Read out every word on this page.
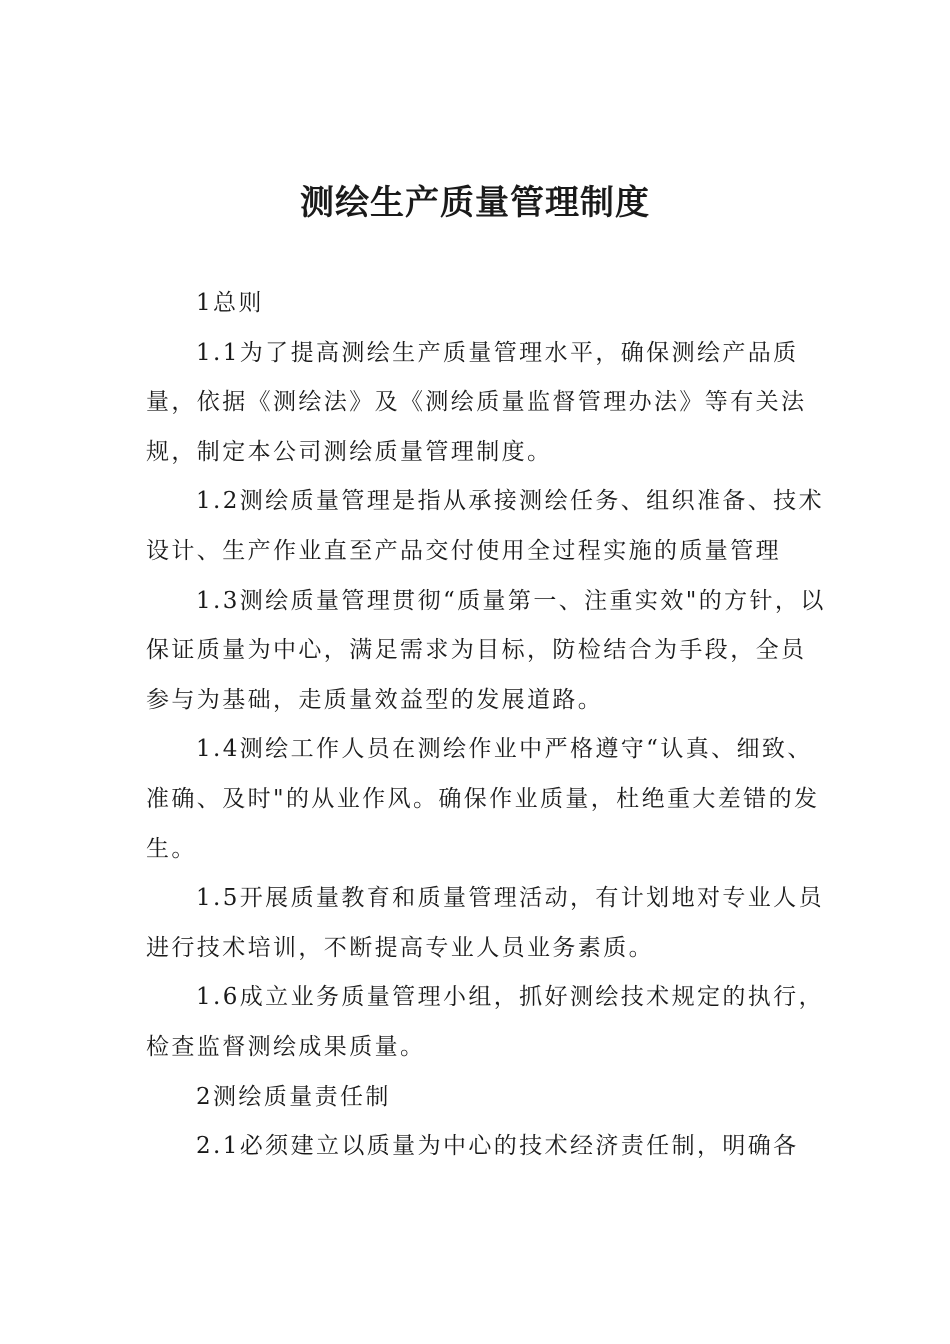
测绘生产质量管理制度

1总则

1.1为了提高测绘生产质量管理水平，确保测绘产品质量，依据《测绘法》及《测绘质量监督管理办法》等有关法规，制定本公司测绘质量管理制度。

1.2测绘质量管理是指从承接测绘任务、组织准备、技术设计、生产作业直至产品交付使用全过程实施的质量管理

1.3测绘质量管理贯彻“质量第一、注重实效"的方针，以保证质量为中心，满足需求为目标，防检结合为手段，全员参与为基础，走质量效益型的发展道路。

1.4测绘工作人员在测绘作业中严格遵守“认真、细致、准确、及时"的从业作风。确保作业质量，杜绝重大差错的发生。

1.5开展质量教育和质量管理活动，有计划地对专业人员进行技术培训，不断提高专业人员业务素质。

1.6成立业务质量管理小组，抓好测绘技术规定的执行，检查监督测绘成果质量。

2测绘质量责任制

2.1必须建立以质量为中心的技术经济责任制，明确各
